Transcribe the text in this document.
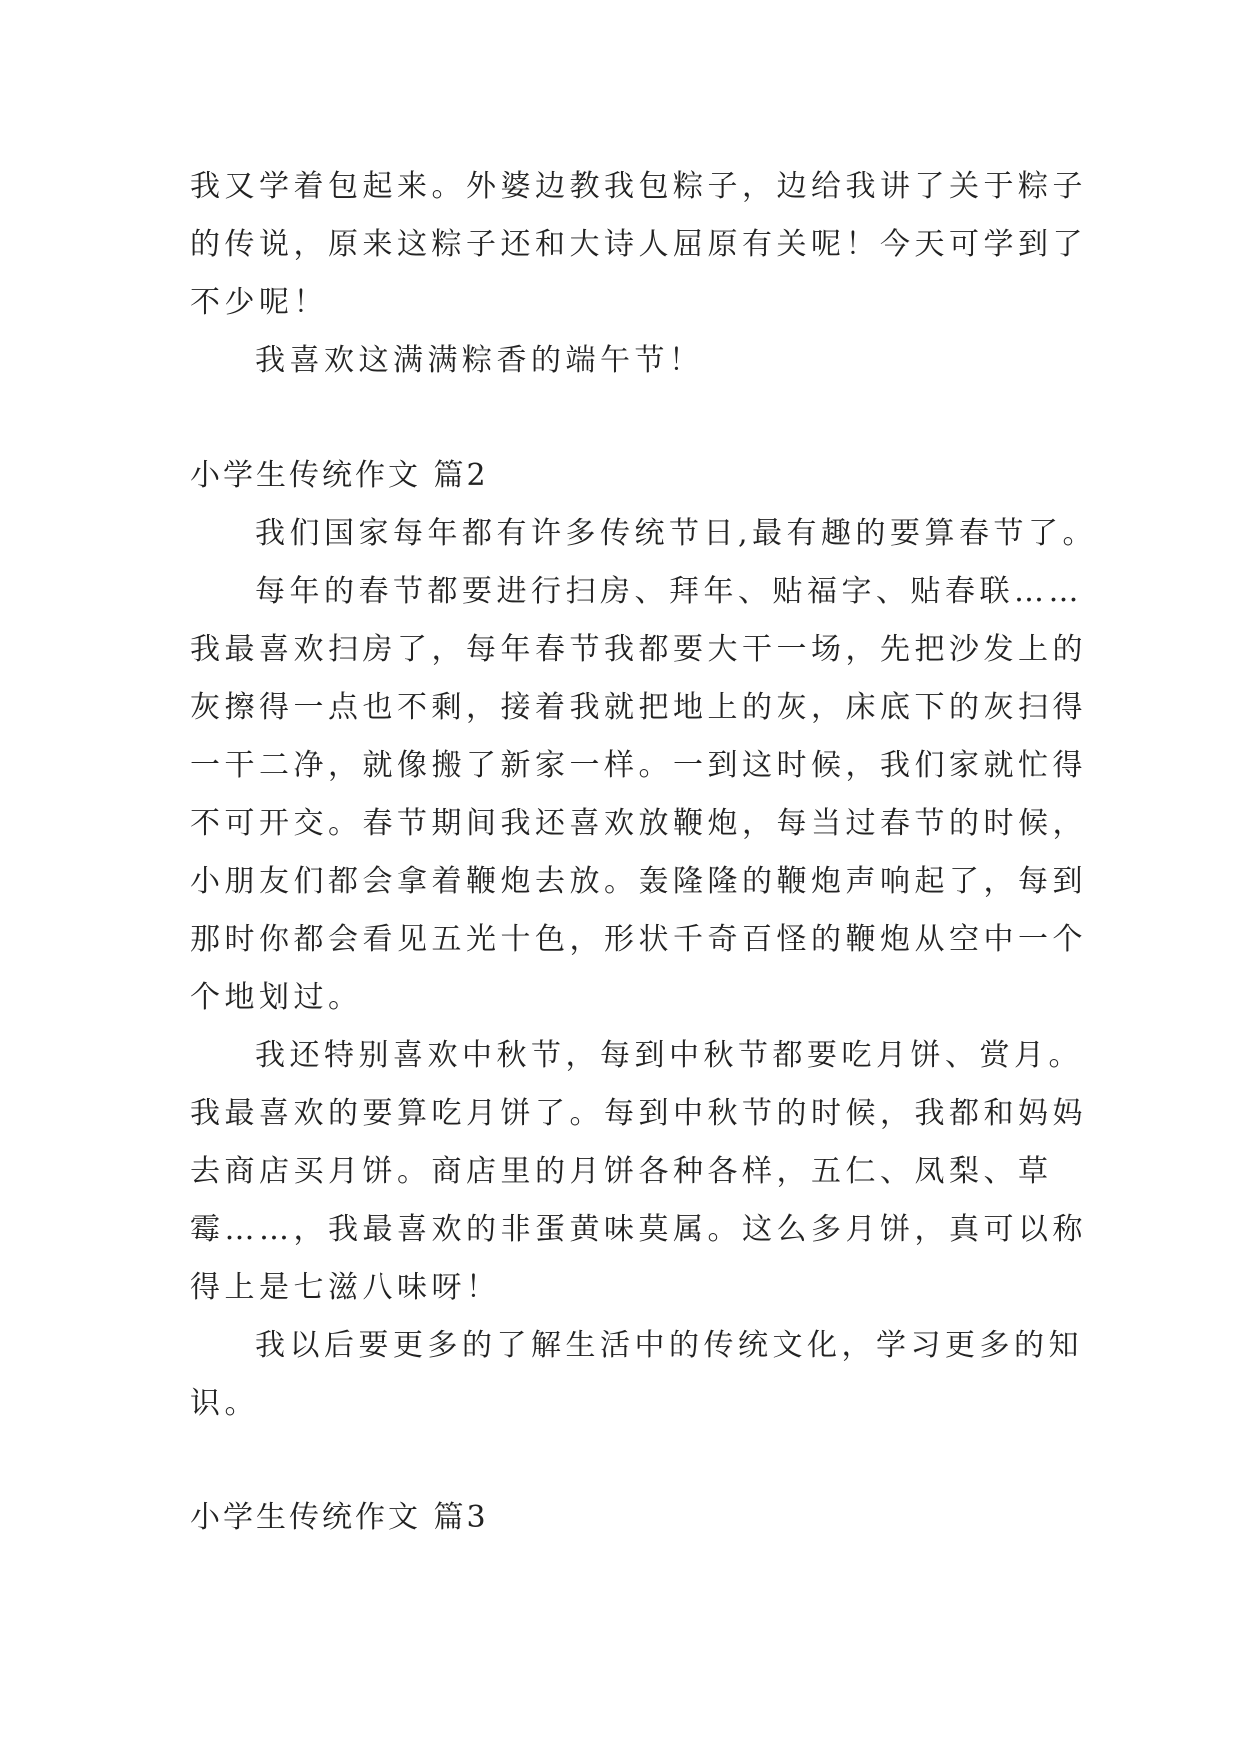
我又学着包起来。外婆边教我包粽子，边给我讲了关于粽子
的传说，原来这粽子还和大诗人屈原有关呢！今天可学到了
不少呢！
我喜欢这满满粽香的端午节！
小学生传统作文 篇2
我们国家每年都有许多传统节日,最有趣的要算春节了。
每年的春节都要进行扫房、拜年、贴福字、贴春联……
我最喜欢扫房了，每年春节我都要大干一场，先把沙发上的
灰擦得一点也不剩，接着我就把地上的灰，床底下的灰扫得
一干二净，就像搬了新家一样。一到这时候，我们家就忙得
不可开交。春节期间我还喜欢放鞭炮，每当过春节的时候，
小朋友们都会拿着鞭炮去放。轰隆隆的鞭炮声响起了，每到
那时你都会看见五光十色，形状千奇百怪的鞭炮从空中一个
个地划过。
我还特别喜欢中秋节，每到中秋节都要吃月饼、赏月。
我最喜欢的要算吃月饼了。每到中秋节的时候，我都和妈妈
去商店买月饼。商店里的月饼各种各样，五仁、凤梨、草
霉……，我最喜欢的非蛋黄味莫属。这么多月饼，真可以称
得上是七滋八味呀！
我以后要更多的了解生活中的传统文化，学习更多的知
识。
小学生传统作文 篇3
